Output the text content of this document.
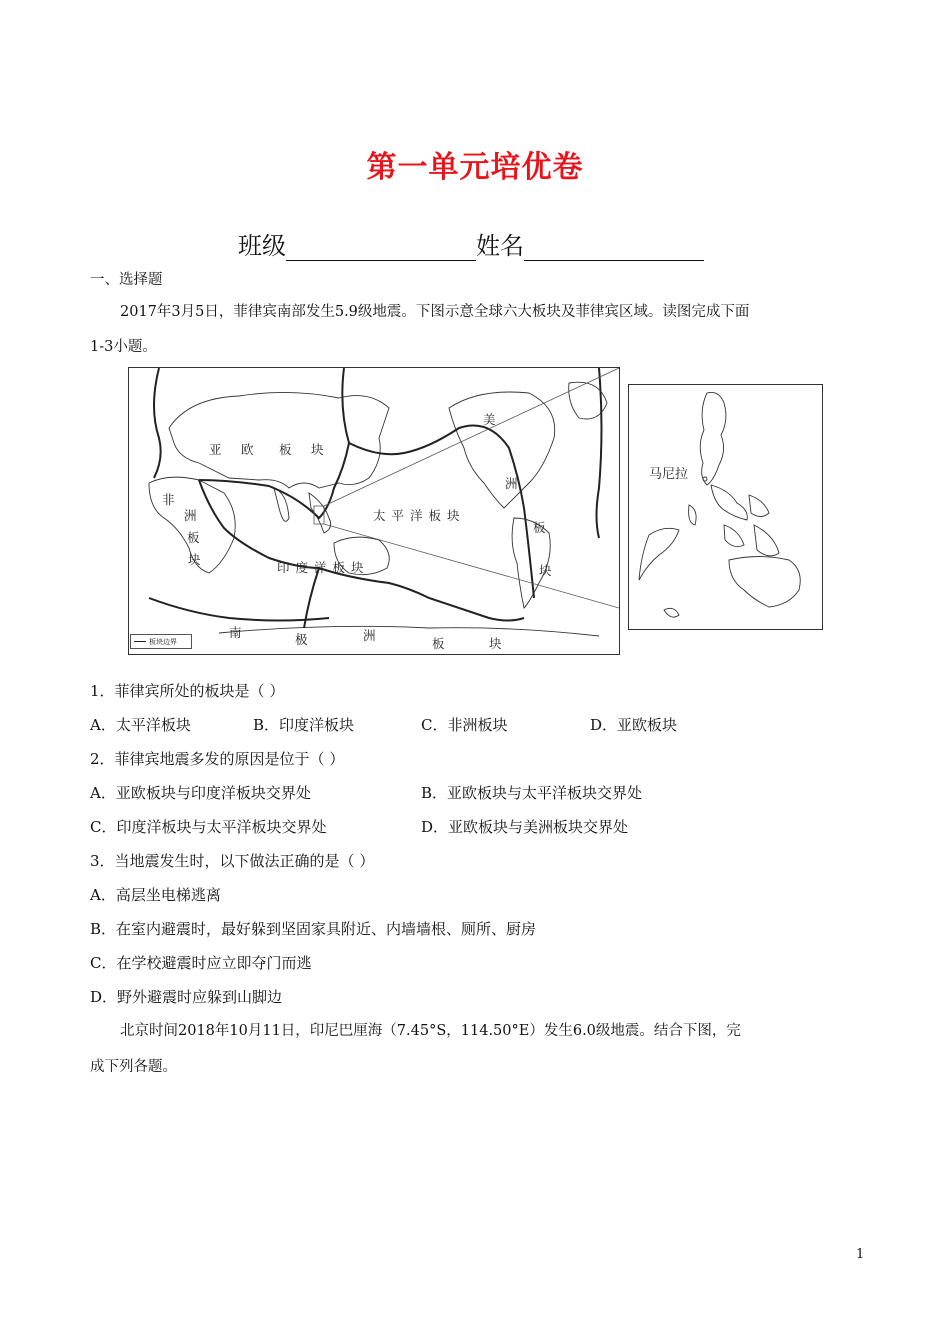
第一单元培优卷
班级	姓名
一、选择题
2017年3月5日，菲律宾南部发生5.9级地震。下图示意全球六大板块及菲律宾区域。读图完成下面
1-3小题。
亚 欧 板 块
美
洲
板
块
非
洲
板
块
太平洋板块
印度洋板块
南	极	洲
板	块
板块边界
马尼拉
1．菲律宾所处的板块是（ ）
A．太平洋板块	B．印度洋板块	C．非洲板块	D．亚欧板块
2．菲律宾地震多发的原因是位于（ ）
A．亚欧板块与印度洋板块交界处	B．亚欧板块与太平洋板块交界处
C．印度洋板块与太平洋板块交界处	D．亚欧板块与美洲板块交界处
3．当地震发生时，以下做法正确的是（ ）
A．高层坐电梯逃离
B．在室内避震时，最好躲到坚固家具附近、内墙墙根、厕所、厨房
C．在学校避震时应立即夺门而逃
D．野外避震时应躲到山脚边
北京时间2018年10月11日，印尼巴厘海（7.45°S，114.50°E）发生6.0级地震。结合下图，完
成下列各题。
1
